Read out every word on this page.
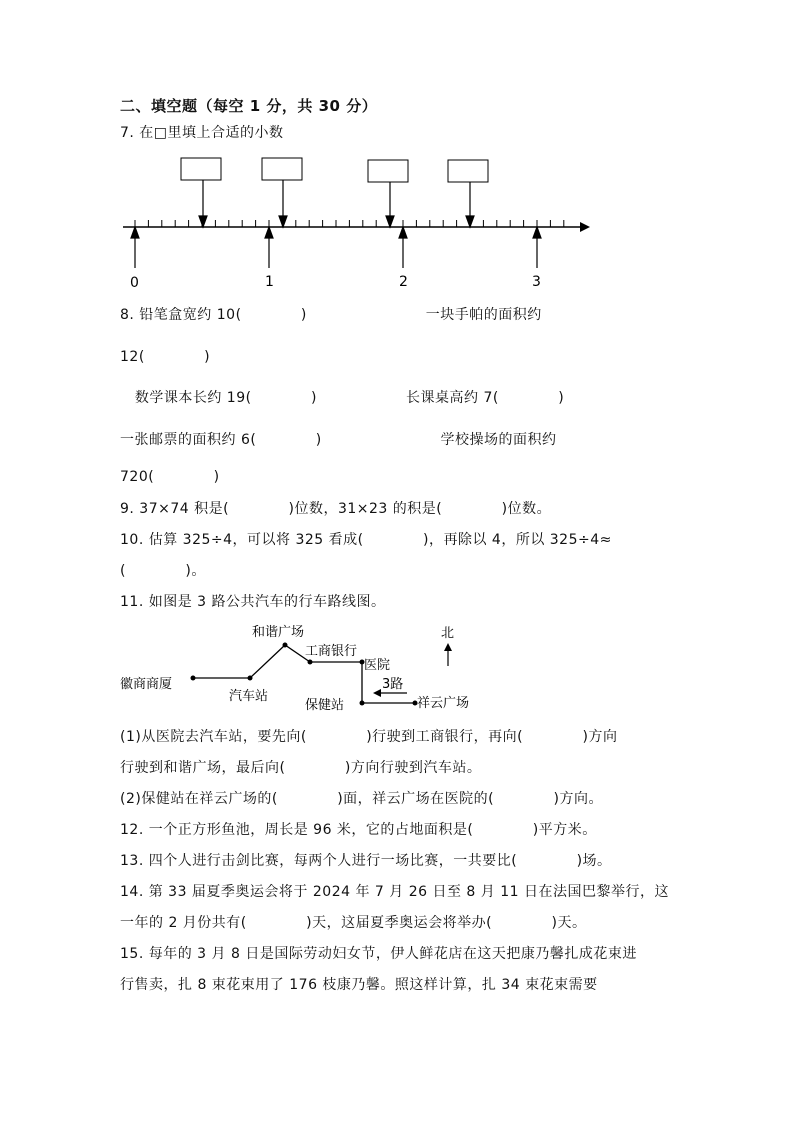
二、填空题（每空 1 分，共 30 分）
7. 在□里填上合适的小数
0	1	2	3
8. 铅笔盒宽约 10(            )                        一块手帕的面积约
12(            )
数学课本长约 19(            )                  长课桌高约 7(            )
一张邮票的面积约 6(            )                        学校操场的面积约
720(            )
9. 37×74 积是(            )位数，31×23 的积是(            )位数。
10. 估算 325÷4，可以将 325 看成(            )，再除以 4，所以 325÷4≈
(            )。
11. 如图是 3 路公共汽车的行车路线图。
和谐广场
工商银行
医院
徽商商厦
汽车站
保健站	祥云广场
3路
北
(1)从医院去汽车站，要先向(            )行驶到工商银行，再向(            )方向
行驶到和谐广场，最后向(            )方向行驶到汽车站。
(2)保健站在祥云广场的(            )面，祥云广场在医院的(            )方向。
12. 一个正方形鱼池，周长是 96 米，它的占地面积是(            )平方米。
13. 四个人进行击剑比赛，每两个人进行一场比赛，一共要比(            )场。
14. 第 33 届夏季奥运会将于 2024 年 7 月 26 日至 8 月 11 日在法国巴黎举行，这
一年的 2 月份共有(            )天，这届夏季奥运会将举办(            )天。
15. 每年的 3 月 8 日是国际劳动妇女节，伊人鲜花店在这天把康乃馨扎成花束进
行售卖，扎 8 束花束用了 176 枝康乃馨。照这样计算，扎 34 束花束需要
